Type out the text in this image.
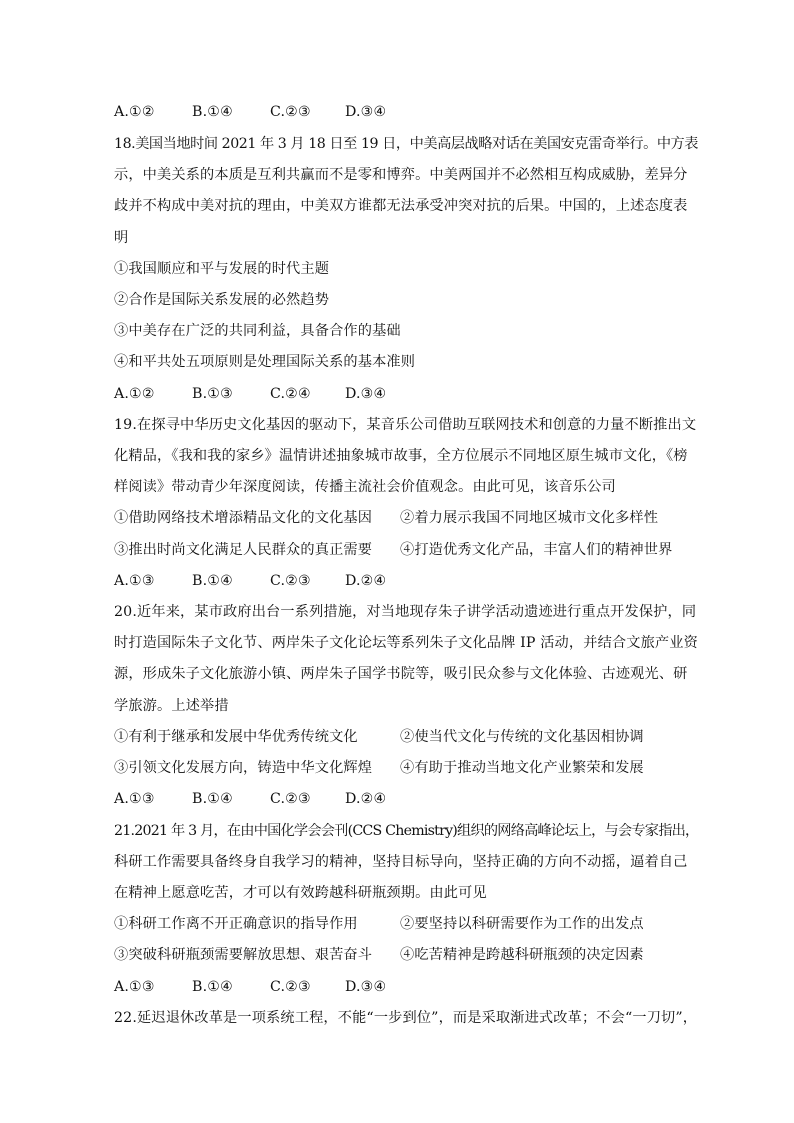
A.①②	B.①④	C.②③ D.③④
18.美国当地时间 2021 年 3 月 18 日至 19 日，中美高层战略对话在美国安克雷奇举行。中方表
示，中美关系的本质是互利共赢而不是零和博弈。中美两国并不必然相互构成威胁，差异分
歧并不构成中美对抗的理由，中美双方谁都无法承受冲突对抗的后果。中国的，上述态度表
明
①我国顺应和平与发展的时代主题
②合作是国际关系发展的必然趋势
③中美存在广泛的共同利益，具备合作的基础
④和平共处五项原则是处理国际关系的基本准则
A.①②	B.①③	C.②④ D.③④
19.在探寻中华历史文化基因的驱动下，某音乐公司借助互联网技术和创意的力量不断推出文
化精品，《我和我的家乡》温情讲述抽象城市故事，全方位展示不同地区原生城市文化，《榜
样阅读》带动青少年深度阅读，传播主流社会价值观念。由此可见，该音乐公司
①借助网络技术增添精品文化的文化基因 ②着力展示我国不同地区城市文化多样性
③推出时尚文化满足人民群众的真正需要 ④打造优秀文化产品，丰富人们的精神世界
A.①③	B.①④	C.②③ D.②④
20.近年来，某市政府出台一系列措施，对当地现存朱子讲学活动遗迹进行重点开发保护，同
时打造国际朱子文化节、两岸朱子文化论坛等系列朱子文化品牌 IP 活动，并结合文旅产业资
源，形成朱子文化旅游小镇、两岸朱子国学书院等，吸引民众参与文化体验、古迹观光、研
学旅游。上述举措
①有利于继承和发展中华优秀传统文化	②使当代文化与传统的文化基因相协调
③引领文化发展方向，铸造中华文化辉煌 ④有助于推动当地文化产业繁荣和发展
A.①③	B.①④	C.②③ D.②④
21.2021 年 3 月，在由中国化学会会刊(CCS Chemistry)组织的网络高峰论坛上，与会专家指出，
科研工作需要具备终身自我学习的精神，坚持目标导向，坚持正确的方向不动摇，逼着自己
在精神上愿意吃苦，才可以有效跨越科研瓶颈期。由此可见
①科研工作离不开正确意识的指导作用	②要坚持以科研需要作为工作的出发点
③突破科研瓶颈需要解放思想、艰苦奋斗 ④吃苦精神是跨越科研瓶颈的决定因素
A.①③	B.①④	C.②③ D.③④
22.延迟退休改革是一项系统工程，不能“一步到位”，而是采取渐进式改革；不会“一刀切”，
